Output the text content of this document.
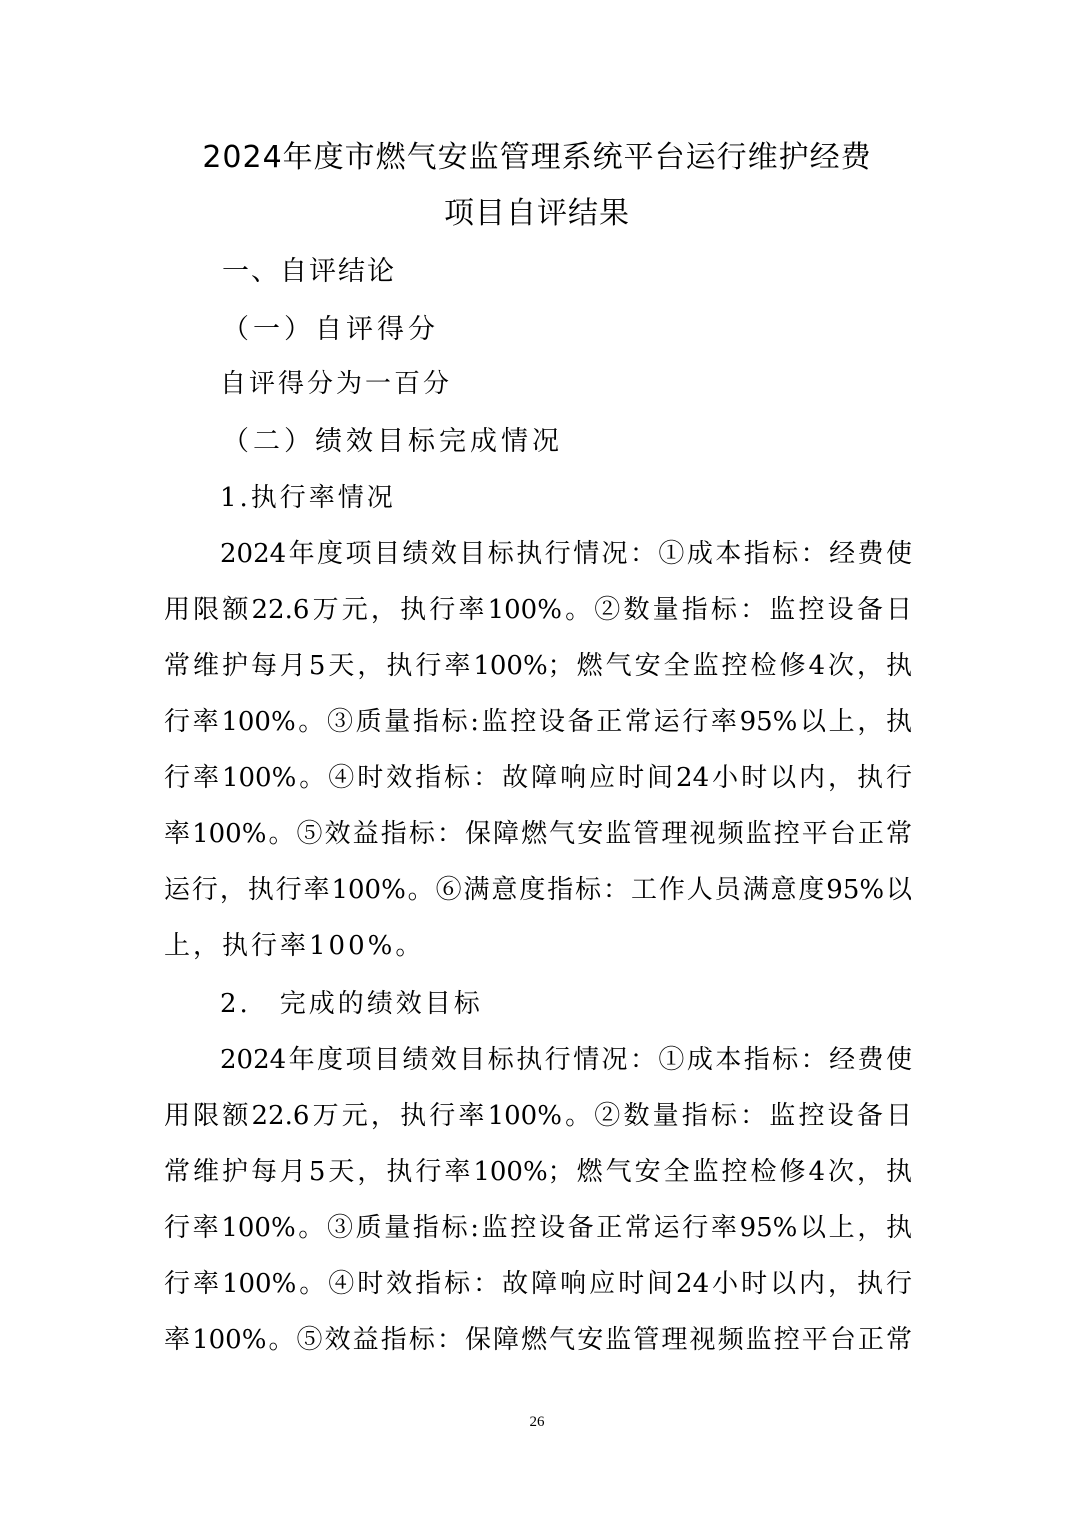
2024年度市燃气安监管理系统平台运行维护经费
项目自评结果
一、自评结论
（一）自评得分
自评得分为一百分
（二）绩效目标完成情况
1.执行率情况
2024年度项目绩效目标执行情况：①成本指标：经费使
用限额22.6万元，执行率100%。②数量指标：监控设备日
常维护每月5天，执行率100%；燃气安全监控检修4次，执
行率100%。③质量指标:监控设备正常运行率95%以上，执
行率100%。④时效指标：故障响应时间24小时以内，执行
率100%。⑤效益指标：保障燃气安监管理视频监控平台正常
运行，执行率100%。⑥满意度指标：工作人员满意度95%以
上，执行率100%。
2.　完成的绩效目标
2024年度项目绩效目标执行情况：①成本指标：经费使
用限额22.6万元，执行率100%。②数量指标：监控设备日
常维护每月5天，执行率100%；燃气安全监控检修4次，执
行率100%。③质量指标:监控设备正常运行率95%以上，执
行率100%。④时效指标：故障响应时间24小时以内，执行
率100%。⑤效益指标：保障燃气安监管理视频监控平台正常
26
